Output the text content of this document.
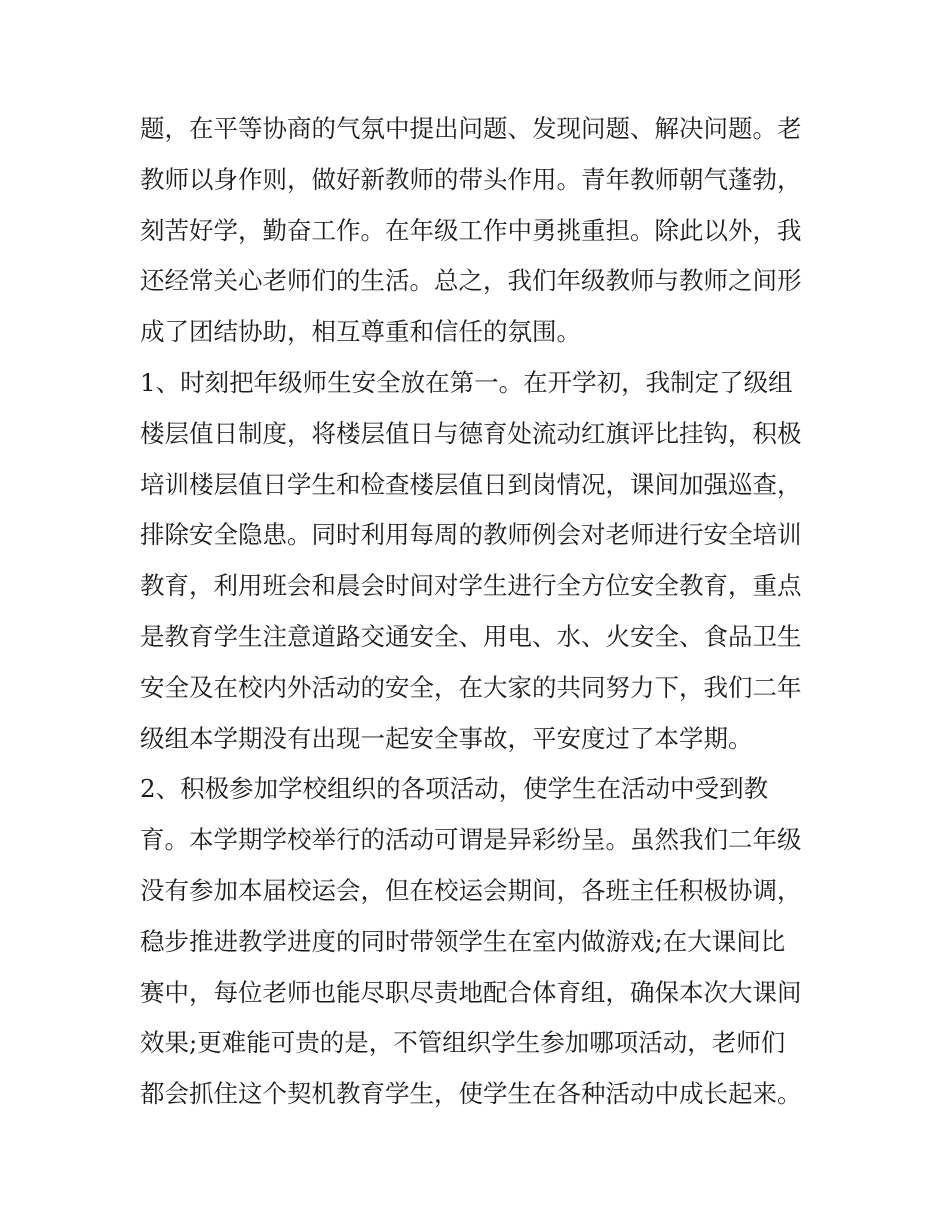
题，在平等协商的气氛中提出问题、发现问题、解决问题。老
教师以身作则，做好新教师的带头作用。青年教师朝气蓬勃，
刻苦好学，勤奋工作。在年级工作中勇挑重担。除此以外，我
还经常关心老师们的生活。总之，我们年级教师与教师之间形
成了团结协助，相互尊重和信任的氛围。
1、时刻把年级师生安全放在第一。在开学初，我制定了级组
楼层值日制度，将楼层值日与德育处流动红旗评比挂钩，积极
培训楼层值日学生和检查楼层值日到岗情况，课间加强巡查，
排除安全隐患。同时利用每周的教师例会对老师进行安全培训
教育，利用班会和晨会时间对学生进行全方位安全教育，重点
是教育学生注意道路交通安全、用电、水、火安全、食品卫生
安全及在校内外活动的安全，在大家的共同努力下，我们二年
级组本学期没有出现一起安全事故，平安度过了本学期。
2、积极参加学校组织的各项活动，使学生在活动中受到教
育。本学期学校举行的活动可谓是异彩纷呈。虽然我们二年级
没有参加本届校运会，但在校运会期间，各班主任积极协调，
稳步推进教学进度的同时带领学生在室内做游戏;在大课间比
赛中，每位老师也能尽职尽责地配合体育组，确保本次大课间
效果;更难能可贵的是，不管组织学生参加哪项活动，老师们
都会抓住这个契机教育学生，使学生在各种活动中成长起来。
